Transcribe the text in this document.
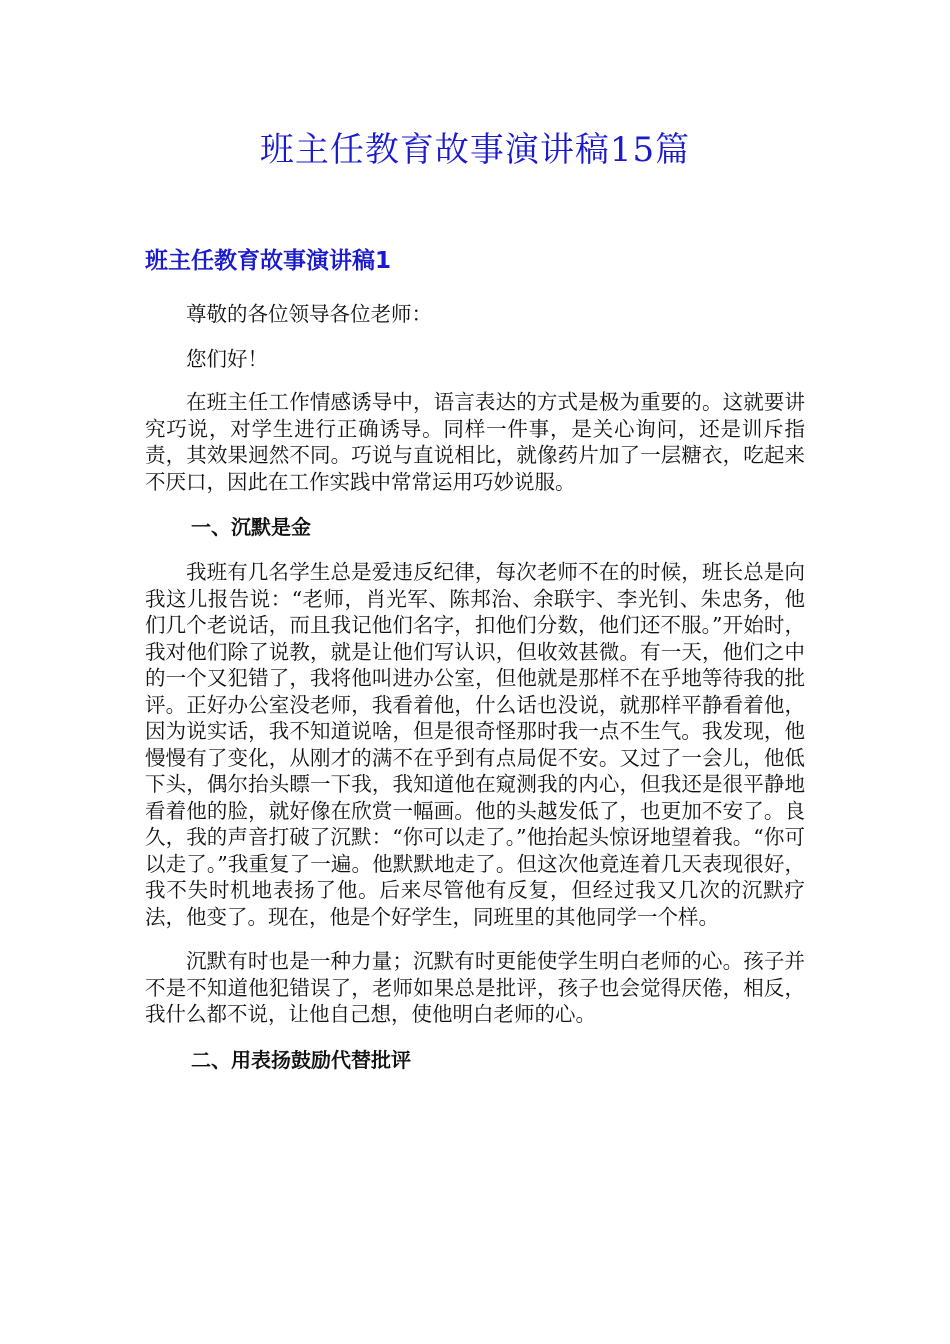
班主任教育故事演讲稿15篇
班主任教育故事演讲稿1

尊敬的各位领导各位老师：

您们好！

在班主任工作情感诱导中，语言表达的方式是极为重要的。这就要讲究巧说，对学生进行正确诱导。同样一件事，是关心询问，还是训斥指责，其效果迥然不同。巧说与直说相比，就像药片加了一层糖衣，吃起来不厌口，因此在工作实践中常常运用巧妙说服。

一、沉默是金

我班有几名学生总是爱违反纪律，每次老师不在的时候，班长总是向我这儿报告说：“老师，肖光军、陈邦治、余联宇、李光钊、朱忠务，他们几个老说话，而且我记他们名字，扣他们分数，他们还不服。”开始时，我对他们除了说教，就是让他们写认识，但收效甚微。有一天，他们之中的一个又犯错了，我将他叫进办公室，但他就是那样不在乎地等待我的批评。正好办公室没老师，我看着他，什么话也没说，就那样平静看着他，因为说实话，我不知道说啥，但是很奇怪那时我一点不生气。我发现，他慢慢有了变化，从刚才的满不在乎到有点局促不安。又过了一会儿，他低下头，偶尔抬头瞟一下我，我知道他在窥测我的内心，但我还是很平静地看着他的脸，就好像在欣赏一幅画。他的头越发低了，也更加不安了。良久，我的声音打破了沉默：“你可以走了。”他抬起头惊讶地望着我。“你可以走了。”我重复了一遍。他默默地走了。但这次他竟连着几天表现很好，我不失时机地表扬了他。后来尽管他有反复，但经过我又几次的沉默疗法，他变了。现在，他是个好学生，同班里的其他同学一个样。

沉默有时也是一种力量；沉默有时更能使学生明白老师的心。孩子并不是不知道他犯错误了，老师如果总是批评，孩子也会觉得厌倦，相反，我什么都不说，让他自己想，使他明白老师的心。

二、用表扬鼓励代替批评
